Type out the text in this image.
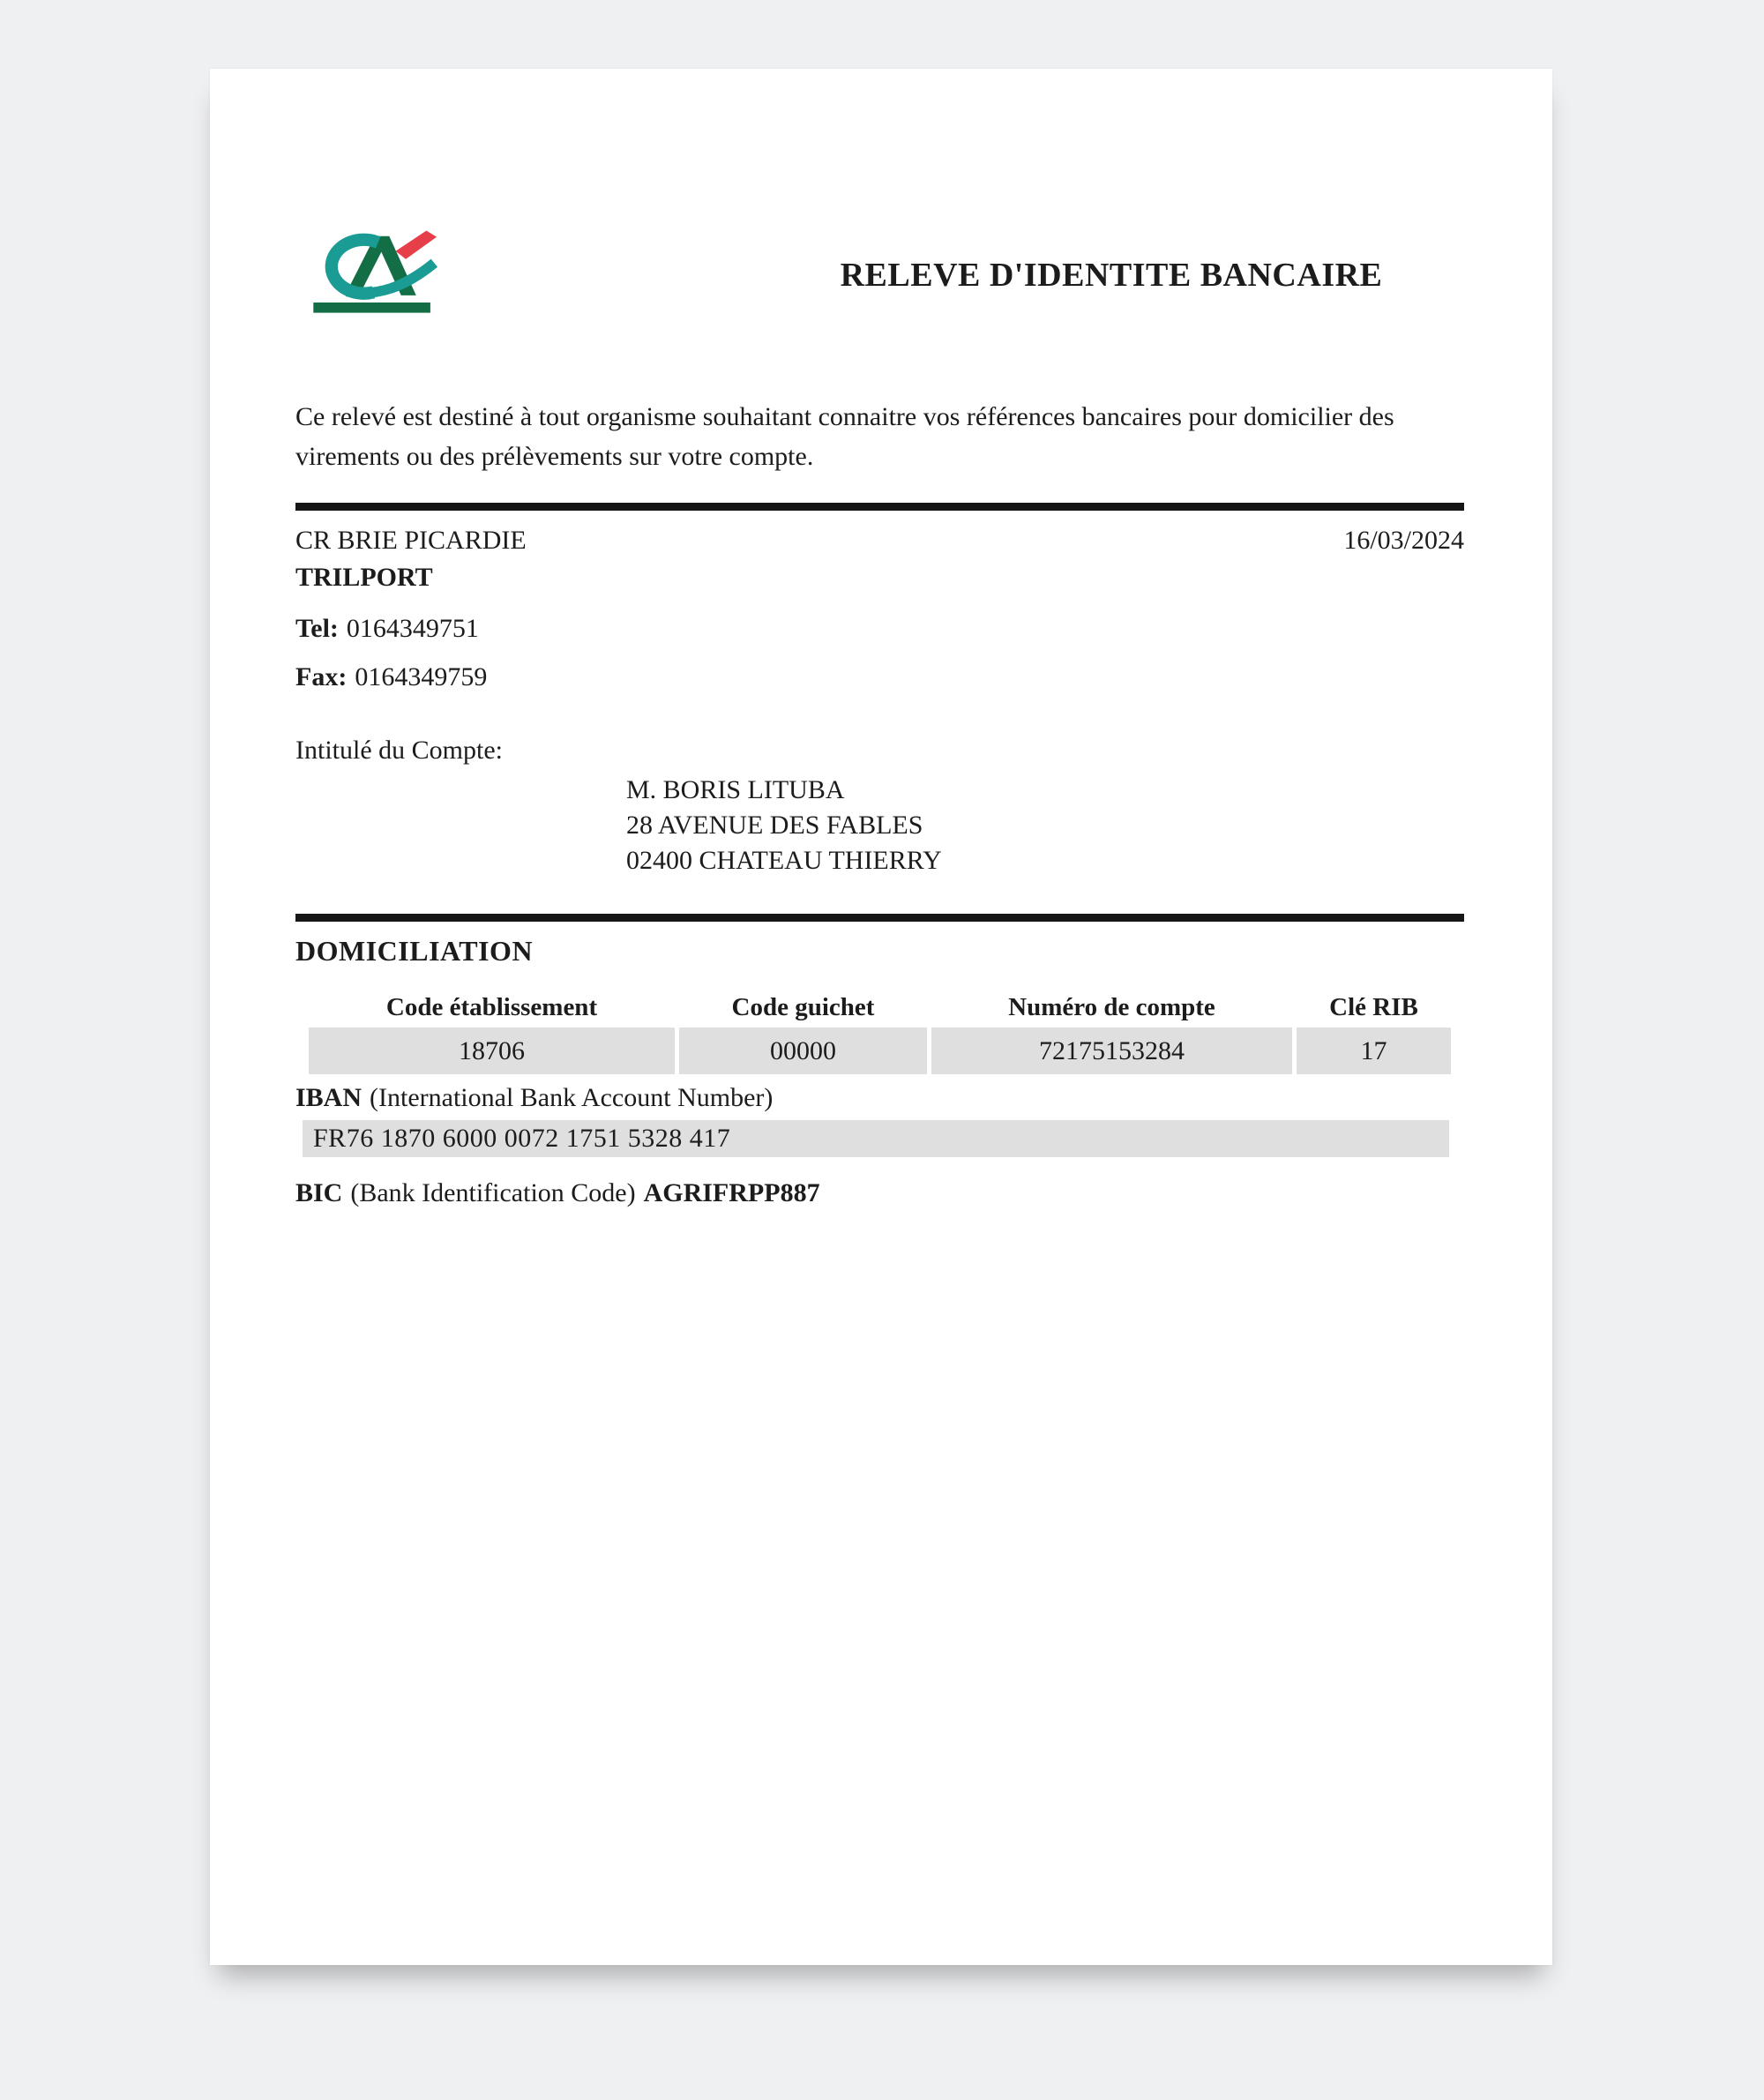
RELEVE D'IDENTITE BANCAIRE
Ce relevé est destiné à tout organisme souhaitant connaitre vos références bancaires pour domicilier des virements ou des prélèvements sur votre compte.
CR BRIE PICARDIE	16/03/2024
TRILPORT
Tel: 0164349751
Fax: 0164349759
Intitulé du Compte:
M. BORIS LITUBA
28 AVENUE DES FABLES
02400 CHATEAU THIERRY
DOMICILIATION
Code établissement	Code guichet	Numéro de compte	Clé RIB
18706	00000	72175153284	17
IBAN (International Bank Account Number)
FR76 1870 6000 0072 1751 5328 417
BIC (Bank Identification Code) AGRIFRPP887
